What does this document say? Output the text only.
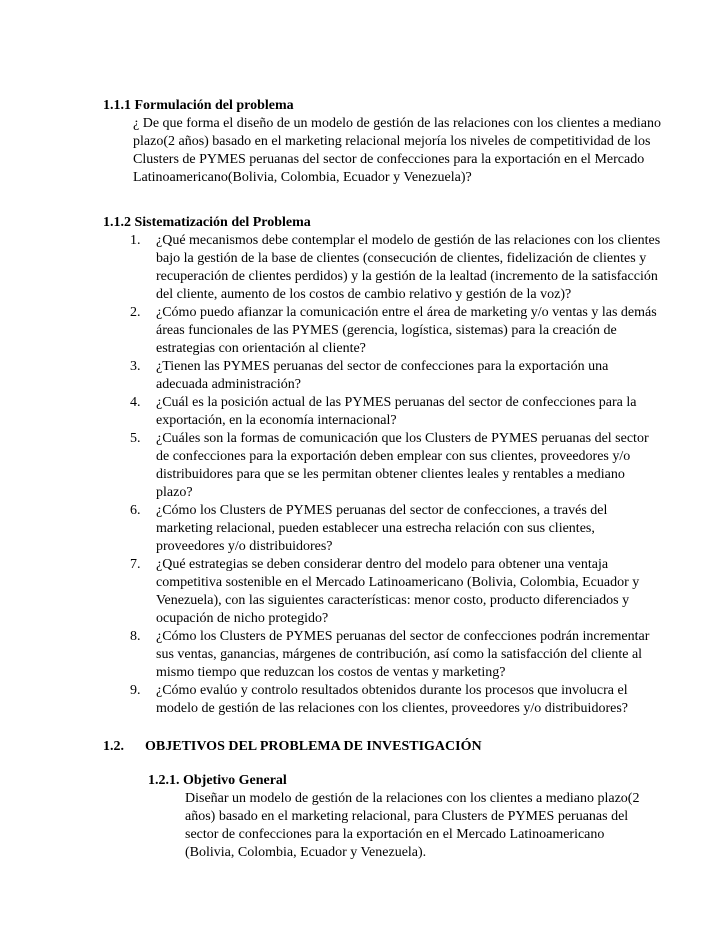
1.1.1 Formulación del problema
¿ De que forma el diseño de un modelo de gestión de las relaciones con los clientes a mediano plazo(2 años) basado en el marketing relacional mejoría los niveles de competitividad de los Clusters de PYMES peruanas del sector de confecciones para la exportación en el Mercado Latinoamericano(Bolivia, Colombia, Ecuador y Venezuela)?
1.1.2 Sistematización del Problema
1. ¿Qué mecanismos debe contemplar el modelo de gestión de las relaciones con los clientes bajo la gestión de la base de clientes (consecución de clientes, fidelización de clientes y recuperación de clientes perdidos) y la gestión de la lealtad (incremento de la satisfacción del cliente, aumento de los costos de cambio relativo y gestión de la voz)?
2. ¿Cómo puedo afianzar la comunicación entre el área de marketing y/o ventas y las demás áreas funcionales de las PYMES (gerencia, logística, sistemas) para la creación de estrategias con orientación al cliente?
3. ¿Tienen las PYMES peruanas del sector de confecciones para la exportación una adecuada administración?
4. ¿Cuál es la posición actual de las PYMES peruanas del sector de confecciones para la exportación, en la economía internacional?
5. ¿Cuáles son la formas de comunicación que los Clusters de PYMES peruanas del sector de confecciones para la exportación deben emplear con sus clientes, proveedores y/o distribuidores para que se les permitan obtener clientes leales y rentables a mediano plazo?
6. ¿Cómo los Clusters de PYMES peruanas del sector de confecciones, a través del marketing relacional, pueden establecer una estrecha relación con sus clientes, proveedores y/o distribuidores?
7. ¿Qué estrategias se deben considerar dentro del modelo para obtener una ventaja competitiva sostenible en el Mercado Latinoamericano (Bolivia, Colombia, Ecuador y Venezuela), con las siguientes características: menor costo, producto diferenciados y ocupación de nicho protegido?
8. ¿Cómo los Clusters de PYMES peruanas del sector de confecciones podrán incrementar sus ventas, ganancias, márgenes de contribución, así como la satisfacción del cliente al mismo tiempo que reduzcan los costos de ventas y marketing?
9. ¿Cómo evalúo y controlo resultados obtenidos durante los procesos que involucra el modelo de gestión de las relaciones con los clientes, proveedores y/o distribuidores?
1.2. OBJETIVOS DEL PROBLEMA DE INVESTIGACIÓN
1.2.1. Objetivo General
Diseñar un modelo de gestión de la relaciones con los clientes a mediano plazo(2 años) basado en el marketing relacional, para Clusters de PYMES peruanas del sector de confecciones para la exportación en el Mercado Latinoamericano (Bolivia, Colombia, Ecuador y Venezuela).
